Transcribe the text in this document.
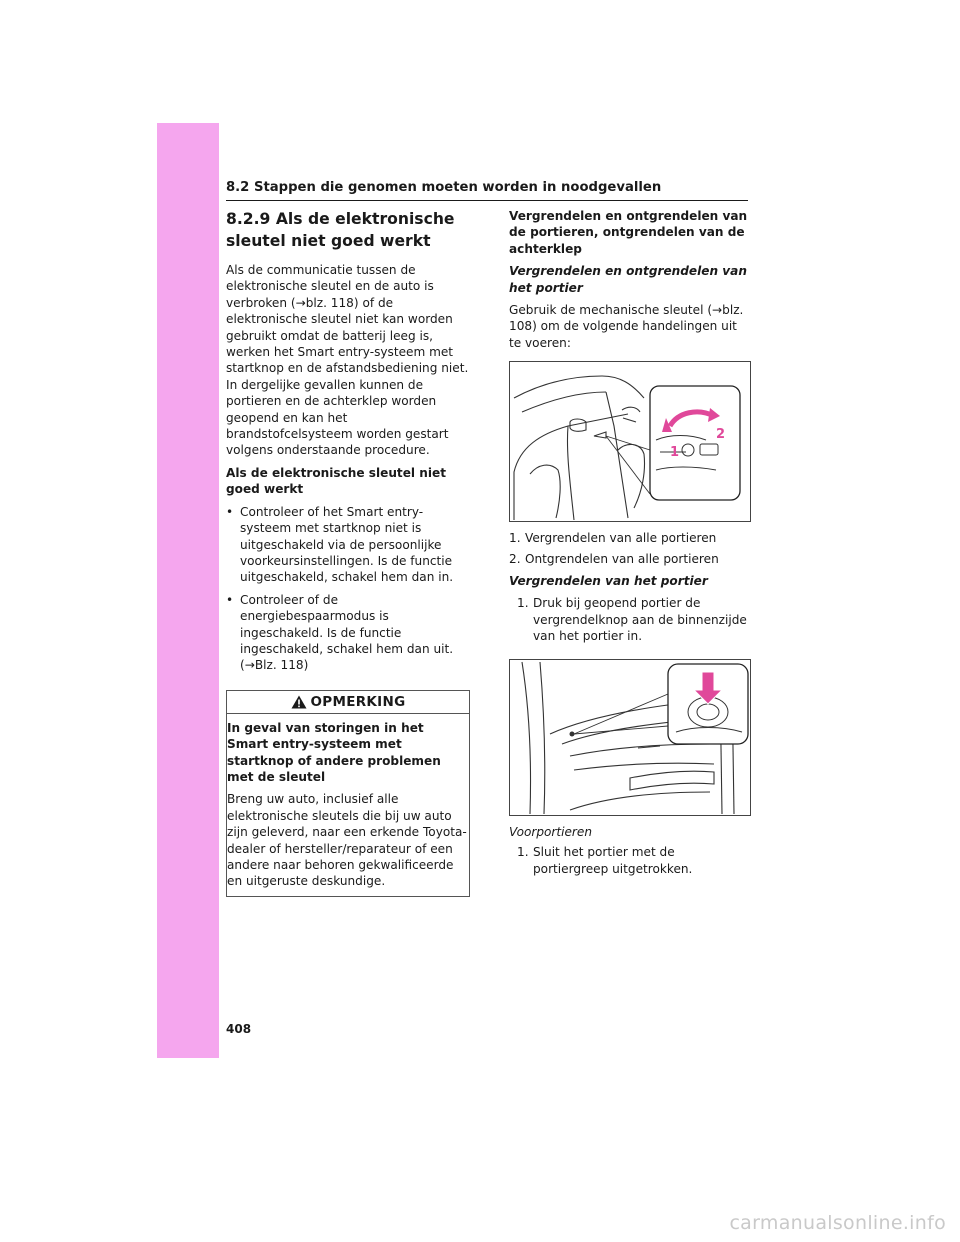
8.2 Stappen die genomen moeten worden in noodgevallen
8.2.9 Als de elektronische sleutel niet goed werkt
Als de communicatie tussen de elektronische sleutel en de auto is verbroken (→blz. 118) of de elektronische sleutel niet kan worden gebruikt omdat de batterij leeg is, werken het Smart entry-systeem met startknop en de afstandsbediening niet. In dergelijke gevallen kunnen de portieren en de achterklep worden geopend en kan het brandstofcelsysteem worden gestart volgens onderstaande procedure.
Als de elektronische sleutel niet goed werkt
• Controleer of het Smart entry-systeem met startknop niet is uitgeschakeld via de persoonlijke voorkeursinstellingen. Is de functie uitgeschakeld, schakel hem dan in.
• Controleer of de energiebespaarmodus is ingeschakeld. Is de functie ingeschakeld, schakel hem dan uit. (→Blz. 118)
OPMERKING
In geval van storingen in het Smart entry-systeem met startknop of andere problemen met de sleutel
Breng uw auto, inclusief alle elektronische sleutels die bij uw auto zijn geleverd, naar een erkende Toyota-dealer of hersteller/reparateur of een andere naar behoren gekwalificeerde en uitgeruste deskundige.
Vergrendelen en ontgrendelen van de portieren, ontgrendelen van de achterklep
Vergrendelen en ontgrendelen van het portier
Gebruik de mechanische sleutel (→blz. 108) om de volgende handelingen uit te voeren:
1
2
1. Vergrendelen van alle portieren
2. Ontgrendelen van alle portieren
Vergrendelen van het portier
1. Druk bij geopend portier de vergrendelknop aan de binnenzijde van het portier in.
Voorportieren
1. Sluit het portier met de portiergreep uitgetrokken.
408
carmanualsonline.info
